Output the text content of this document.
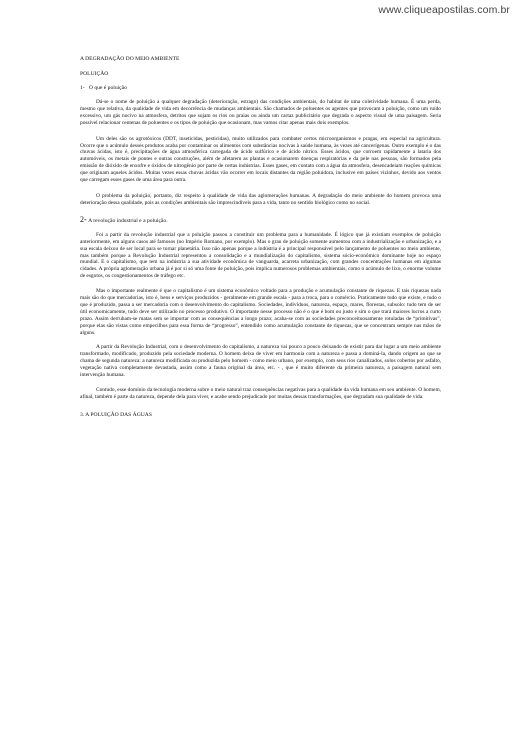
www.cliqueapostilas.com.br

A DEGRADAÇÃO DO MEIO AMBIENTE

POLUIÇÃO

1- O que é poluição

Dá-se o nome de poluição a qualquer degradação (deterioração, estrago) das condições ambientais, do habitat de uma coletividade humana. É uma perda, mesmo que relativa, da qualidade de vida em decorrência de mudanças ambientais. São chamados de poluentes os agentes que provocam a poluição, como um ruído excessivo, um gás nocivo na atmosfera, detritos que sujam os rios ou praias ou ainda um cartaz publicitário que degrada o aspecto visual de uma paisagem. Seria possível relacionar centenas de poluentes e os tipos de poluição que ocasionam, mas vamos citar apenas mais dois exemplos.

Um deles são os agrotóxicos (DDT, inseticidas, pesticidas), muito utilizados para combater certos microorganismos e pragas, em especial na agricultura. Ocorre que o acúmulo desses produtos acaba por contaminar os alimentos com substâncias nocivas à saúde humana, às vezes até cancerígenas. Outro exemplo é o das chuvas ácidas, isto é, precipitações de água atmosférica carregada de ácido sulfúrico e de ácido nítrico. Esses ácidos, que corroem rapidamente a lataria dos automóveis, os metais de pontes e outras construções, além de afetarem as plantas e ocasionarem doenças respiratórias e da pele nas pessoas, são formados pela emissão de dióxido de enxofre e óxidos de nitrogênio por parte de certas indústrias. Esses gases, em contato com a água da atmosfera, desencadeiam reações químicas que originam aqueles ácidos. Muitas vezes essas chuvas ácidas vão ocorrer em locais distantes da região poluidora, inclusive em países vizinhos, devido aos ventos que carregam esses gases de uma área para outra.

O problema da poluição, portanto, diz respeito à qualidade de vida das aglomerações humanas. A degradação do meio ambiente do homem provoca uma deterioração dessa qualidade, pois as condições ambientais são imprescindíveis para a vida, tanto no sentido biológico como no social.

2- A revolução industrial e a poluição.

Foi a partir da revolução industrial que a poluição passou a constituir um problema para a humanidade. É lógico que já existiam exemplos de poluição anteriormente, em alguns casos até famosos (no Império Romano, por exemplo). Mas o grau de poluição somente aumentou com a industrialização e urbanização, e a sua escala deixou de ser local para se tornar planetária. Isso não apenas porque a indústria é a principal responsável pelo lançamento de poluentes no meio ambiente, mas também porque a Revolução Industrial representou a consolidação e a mundialização do capitalismo, sistema sócio-econômico dominante hoje no espaço mundial. E o capitalismo, que tem na indústria a sua atividade econômica de vanguarda, acarreta urbanização, com grandes concentrações humanas em algumas cidades. A própria aglomeração urbana já é por si só uma fonte de poluição, pois implica numerosos problemas ambientais, como o acúmulo de lixo, o enorme volume de esgotos, os congestionamentos de tráfego etc.

Mas o importante realmente é que o capitalismo é um sistema econômico voltado para a produção e acumulação constante de riquezas. E tais riquezas nada mais são do que mercadorias, isto é, bens e serviços produzidos - geralmente em grande escala - para a troca, para o comércio. Praticamente tudo que existe, e tudo o que é produzido, passa a ser mercadoria com o desenvolvimento do capitalismo. Sociedades, indivíduos, natureza, espaço, mares, florestas, subsolo: tudo tem de ser útil economicamente, tudo deve ser utilizado no processo produtivo. O importante nesse processo não é o que é bom ou justo e sim o que trará maiores lucros a curto prazo. Assim derrubam-se matas sem se importar com as consequências a longo prazo; acaba-se com as sociedades preconceituosamente rotuladas de “primitivas”, porque elas são vistas como empecilhos para essa forma de “progresso”, entendido como acumulação constante de riquezas, que se concentram sempre nas mãos de alguns.

A partir da Revolução Industrial, com o desenvolvimento do capitalismo, a natureza vai pouco a pouco deixando de existir para dar lugar a um meio ambiente transformado, modificado, produzido pela sociedade moderna. O homem deixa de viver em harmonia com a natureza e passa a dominá-la, dando origem ao que se chama de segunda natureza: a natureza modificada ou produzida pelo homem - como meio urbano, por exemplo, com seus rios canalizados, solos cobertos por asfalto, vegetação nativa completamente devastada, assim como a fauna original da área, etc. - , que é muito diferente da primeira natureza, a paisagem natural sem intervenção humana.

Contudo, esse domínio da tecnologia moderna sobre o meio natural traz consequências negativas para a qualidade da vida humana em seu ambiente. O homem, afinal, também é parte da natureza, depende dela para viver, e acabe sendo prejudicado por muitas dessas transformações, que degradam sua qualidade de vida.

3. A POLUIÇÃO DAS ÁGUAS
